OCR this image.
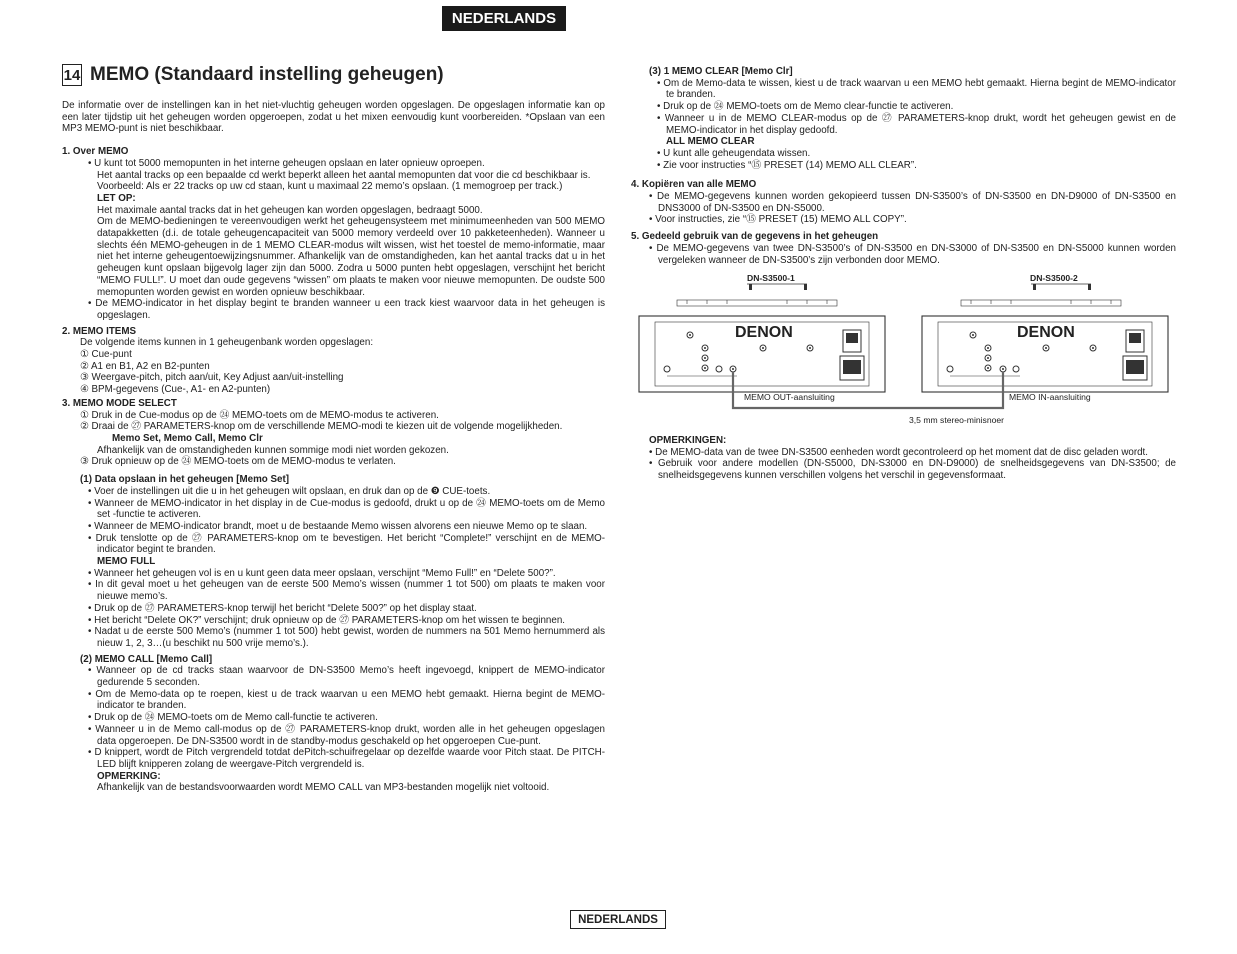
NEDERLANDS
14 MEMO (Standaard instelling geheugen)

De informatie over de instellingen kan in het niet-vluchtig geheugen worden opgeslagen. De opgeslagen informatie kan op een later tijdstip uit het geheugen worden opgeroepen, zodat u het mixen eenvoudig kunt voorbereiden. *Opslaan van een MP3 MEMO-punt is niet beschikbaar.

1. Over MEMO

• U kunt tot 5000 memopunten in het interne geheugen opslaan en later opnieuw oproepen.

Het aantal tracks op een bepaalde cd werkt beperkt alleen het aantal memopunten dat voor die cd beschikbaar is.

Voorbeeld: Als er 22 tracks op uw cd staan, kunt u maximaal 22 memo’s opslaan. (1 memogroep per track.)

LET OP:

Het maximale aantal tracks dat in het geheugen kan worden opgeslagen, bedraagt 5000.

Om de MEMO-bedieningen te vereenvoudigen werkt het geheugensysteem met minimumeenheden van 500 MEMO datapakketten (d.i. de totale geheugencapaciteit van 5000 memory verdeeld over 10 pakketeenheden). Wanneer u slechts één MEMO-geheugen in de 1 MEMO CLEAR-modus wilt wissen, wist het toestel de memo-informatie, maar niet het interne geheugentoewijzingsnummer. Afhankelijk van de omstandigheden, kan het aantal tracks dat u in het geheugen kunt opslaan bijgevolg lager zijn dan 5000. Zodra u 5000 punten hebt opgeslagen, verschijnt het bericht “MEMO FULL!”. U moet dan oude gegevens “wissen” om plaats te maken voor nieuwe memopunten. De oudste 500 memopunten worden gewist en worden opnieuw beschikbaar.

• De MEMO-indicator in het display begint te branden wanneer u een track kiest waarvoor data in het geheugen is opgeslagen.

2. MEMO ITEMS

De volgende items kunnen in 1 geheugenbank worden opgeslagen:

① Cue-punt

② A1 en B1, A2 en B2-punten

③ Weergave-pitch, pitch aan/uit, Key Adjust aan/uit-instelling

④ BPM-gegevens (Cue-, A1- en A2-punten)

3. MEMO MODE SELECT

① Druk in de Cue-modus op de ㉔ MEMO-toets om de MEMO-modus te activeren.

② Draai de ㉗ PARAMETERS-knop om de verschillende MEMO-modi te kiezen uit de volgende mogelijkheden.

Memo Set, Memo Call, Memo Clr

Afhankelijk van de omstandigheden kunnen sommige modi niet worden gekozen.

③ Druk opnieuw op de ㉔ MEMO-toets om de MEMO-modus te verlaten.

(1) Data opslaan in het geheugen [Memo Set]

• Voer de instellingen uit die u in het geheugen wilt opslaan, en druk dan op de ❾ CUE-toets.

• Wanneer de MEMO-indicator in het display in de Cue-modus is gedoofd, drukt u op de ㉔ MEMO-toets om de Memo set -functie te activeren.

• Wanneer de MEMO-indicator brandt, moet u de bestaande Memo wissen alvorens een nieuwe Memo op te slaan.

• Druk tenslotte op de ㉗ PARAMETERS-knop om te bevestigen. Het bericht “Complete!” verschijnt en de MEMO-indicator begint te branden.

MEMO FULL

• Wanneer het geheugen vol is en u kunt geen data meer opslaan, verschijnt “Memo Full!” en “Delete 500?”.

• In dit geval moet u het geheugen van de eerste 500 Memo’s wissen (nummer 1 tot 500) om plaats te maken voor nieuwe memo’s.

• Druk op de ㉗ PARAMETERS-knop terwijl het bericht “Delete 500?” op het display staat.

• Het bericht “Delete OK?” verschijnt; druk opnieuw op de ㉗ PARAMETERS-knop om het wissen te beginnen.

• Nadat u de eerste 500 Memo’s (nummer 1 tot 500) hebt gewist, worden de nummers na 501 Memo hernummerd als nieuw 1, 2, 3…(u beschikt nu 500 vrije memo’s.).

(2) MEMO CALL [Memo Call]

• Wanneer op de cd tracks staan waarvoor de DN-S3500 Memo’s heeft ingevoegd, knippert de MEMO-indicator gedurende 5 seconden.

• Om de Memo-data op te roepen, kiest u de track waarvan u een MEMO hebt gemaakt. Hierna begint de MEMO-indicator te branden.

• Druk op de ㉔ MEMO-toets om de Memo call-functie te activeren.

• Wanneer u in de Memo call-modus op de ㉗ PARAMETERS-knop drukt, worden alle in het geheugen opgeslagen data opgeroepen. De DN-S3500 wordt in de standby-modus geschakeld op het opgeroepen Cue-punt.

• D knippert, wordt de Pitch vergrendeld totdat dePitch-schuifregelaar op dezelfde waarde voor Pitch staat. De PITCH-LED blijft knipperen zolang de weergave-Pitch vergrendeld is.

OPMERKING:

Afhankelijk van de bestandsvoorwaarden wordt MEMO CALL van MP3-bestanden mogelijk niet voltooid.

(3) 1 MEMO CLEAR [Memo Clr]

• Om de Memo-data te wissen, kiest u de track waarvan u een MEMO hebt gemaakt. Hierna begint de MEMO-indicator te branden.

• Druk op de ㉔ MEMO-toets om de Memo clear-functie te activeren.

• Wanneer u in de MEMO CLEAR-modus op de ㉗ PARAMETERS-knop drukt, wordt het geheugen gewist en de MEMO-indicator in het display gedoofd.

ALL MEMO CLEAR

• U kunt alle geheugendata wissen.

• Zie voor instructies “⑮ PRESET (14) MEMO ALL CLEAR”.

4. Kopiëren van alle MEMO

• De MEMO-gegevens kunnen worden gekopieerd tussen DN-S3500’s of DN-S3500 en DN-D9000 of DN-S3500 en DNS3000 of DN-S3500 en DN-S5000.

• Voor instructies, zie “⑮ PRESET (15) MEMO ALL COPY”.

5. Gedeeld gebruik van de gegevens in het geheugen

• De MEMO-gegevens van twee DN-S3500’s of DN-S3500 en DN-S3000 of DN-S3500 en DN-S5000 kunnen worden vergeleken wanneer de DN-S3500’s zijn verbonden door MEMO.

DN-S3500-1	DN-S3500-2
DENON	DENON
MEMO OUT-aansluiting	MEMO IN-aansluiting
3,5 mm stereo-minisnoer

OPMERKINGEN:

• De MEMO-data van de twee DN-S3500 eenheden wordt gecontroleerd op het moment dat de disc geladen wordt.

• Gebruik voor andere modellen (DN-S5000, DN-S3000 en DN-D9000) de snelheidsgegevens van DN-S3500; de snelheidsgegevens kunnen verschillen volgens het verschil in gegevensformaat.

NEDERLANDS
